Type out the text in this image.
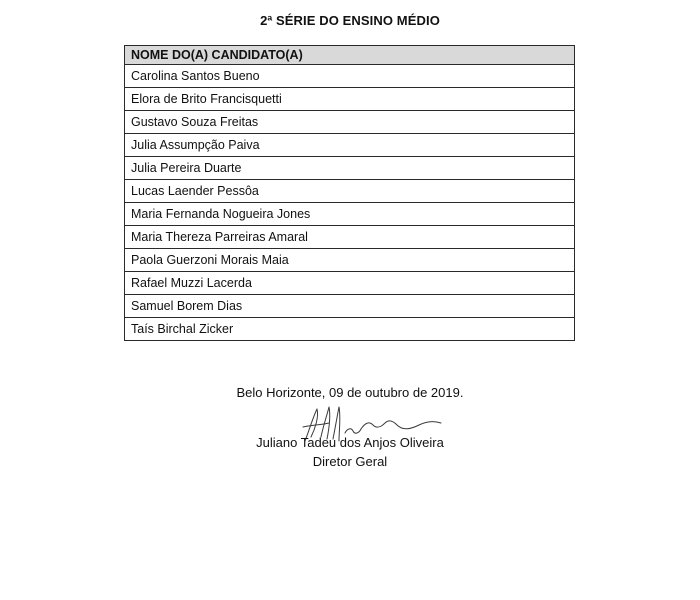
2ª SÉRIE DO ENSINO MÉDIO
NOME DO(A) CANDIDATO(A)
Carolina Santos Bueno
Elora de Brito Francisquetti
Gustavo Souza Freitas
Julia Assumpção Paiva
Julia Pereira Duarte
Lucas Laender Pessôa
Maria Fernanda Nogueira Jones
Maria Thereza Parreiras Amaral
Paola Guerzoni Morais Maia
Rafael Muzzi Lacerda
Samuel Borem Dias
Taís Birchal Zicker
Belo Horizonte, 09 de outubro de 2019.
Juliano Tadeu dos Anjos Oliveira
Diretor Geral
